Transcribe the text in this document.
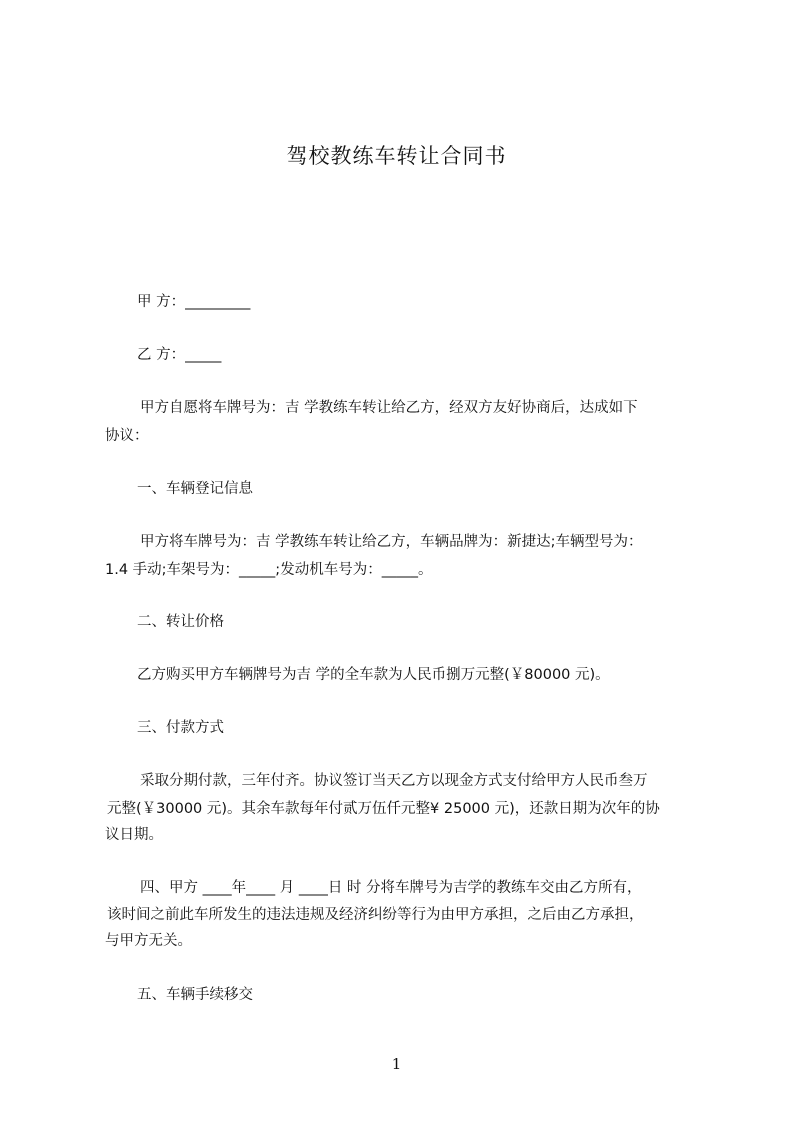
驾校教练车转让合同书
甲 方：_________
乙 方：_____
甲方自愿将车牌号为：吉 学教练车转让给乙方，经双方友好协商后，达成如下
协议：
一、车辆登记信息
甲方将车牌号为：吉 学教练车转让给乙方，车辆品牌为：新捷达;车辆型号为：
1.4 手动;车架号为：_____;发动机车号为：_____。
二、转让价格
乙方购买甲方车辆牌号为吉 学的全车款为人民币捌万元整(￥80000 元)。
三、付款方式
采取分期付款，三年付齐。协议签订当天乙方以现金方式支付给甲方人民币叁万
元整(￥30000 元)。其余车款每年付贰万伍仟元整¥ 25000 元)，还款日期为次年的协
议日期。
四、甲方 ____年____ 月 ____日 时 分将车牌号为吉学的教练车交由乙方所有，
该时间之前此车所发生的违法违规及经济纠纷等行为由甲方承担，之后由乙方承担，
与甲方无关。
五、车辆手续移交
1
